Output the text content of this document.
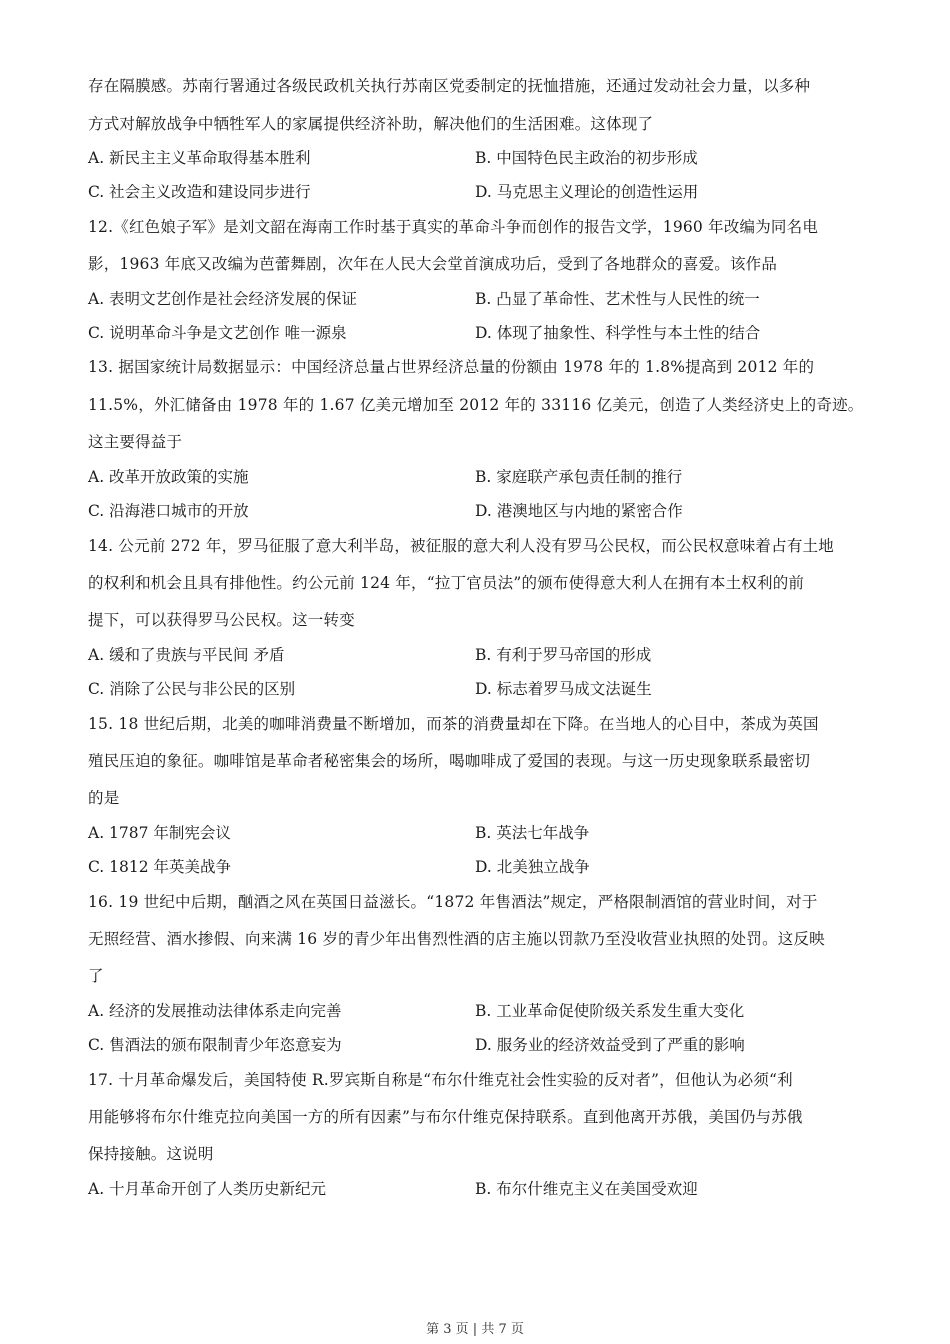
存在隔膜感。苏南行署通过各级民政机关执行苏南区党委制定的抚恤措施，还通过发动社会力量，以多种
方式对解放战争中牺牲军人的家属提供经济补助，解决他们的生活困难。这体现了
A. 新民主主义革命取得基本胜利	B. 中国特色民主政治的初步形成
C. 社会主义改造和建设同步进行	D. 马克思主义理论的创造性运用
12.《红色娘子军》是刘文韶在海南工作时基于真实的革命斗争而创作的报告文学，1960 年改编为同名电
影，1963 年底又改编为芭蕾舞剧，次年在人民大会堂首演成功后，受到了各地群众的喜爱。该作品
A. 表明文艺创作是社会经济发展的保证	B. 凸显了革命性、艺术性与人民性的统一
C. 说明革命斗争是文艺创作 唯一源泉	D. 体现了抽象性、科学性与本土性的结合
13. 据国家统计局数据显示：中国经济总量占世界经济总量的份额由 1978 年的 1.8%提高到 2012 年的
11.5%，外汇储备由 1978 年的 1.67 亿美元增加至 2012 年的 33116 亿美元，创造了人类经济史上的奇迹。
这主要得益于
A. 改革开放政策的实施	B. 家庭联产承包责任制的推行
C. 沿海港口城市的开放	D. 港澳地区与内地的紧密合作
14. 公元前 272 年，罗马征服了意大利半岛，被征服的意大利人没有罗马公民权，而公民权意味着占有土地
的权利和机会且具有排他性。约公元前 124 年，“拉丁官员法”的颁布使得意大利人在拥有本土权利的前
提下，可以获得罗马公民权。这一转变
A. 缓和了贵族与平民间 矛盾	B. 有利于罗马帝国的形成
C. 消除了公民与非公民的区别	D. 标志着罗马成文法诞生
15. 18 世纪后期，北美的咖啡消费量不断增加，而茶的消费量却在下降。在当地人的心目中，茶成为英国
殖民压迫的象征。咖啡馆是革命者秘密集会的场所，喝咖啡成了爱国的表现。与这一历史现象联系最密切
的是
A. 1787 年制宪会议	B. 英法七年战争
C. 1812 年英美战争	D. 北美独立战争
16. 19 世纪中后期，酗酒之风在英国日益滋长。“1872 年售酒法”规定，严格限制酒馆的营业时间，对于
无照经营、酒水掺假、向来满 16 岁的青少年出售烈性酒的店主施以罚款乃至没收营业执照的处罚。这反映
了
A. 经济的发展推动法律体系走向完善	B. 工业革命促使阶级关系发生重大变化
C. 售酒法的颁布限制青少年恣意妄为	D. 服务业的经济效益受到了严重的影响
17. 十月革命爆发后，美国特使 R.罗宾斯自称是“布尔什维克社会性实验的反对者”，但他认为必须“利
用能够将布尔什维克拉向美国一方的所有因素”与布尔什维克保持联系。直到他离开苏俄，美国仍与苏俄
保持接触。这说明
A. 十月革命开创了人类历史新纪元	B. 布尔什维克主义在美国受欢迎
第 3 页 | 共 7 页
